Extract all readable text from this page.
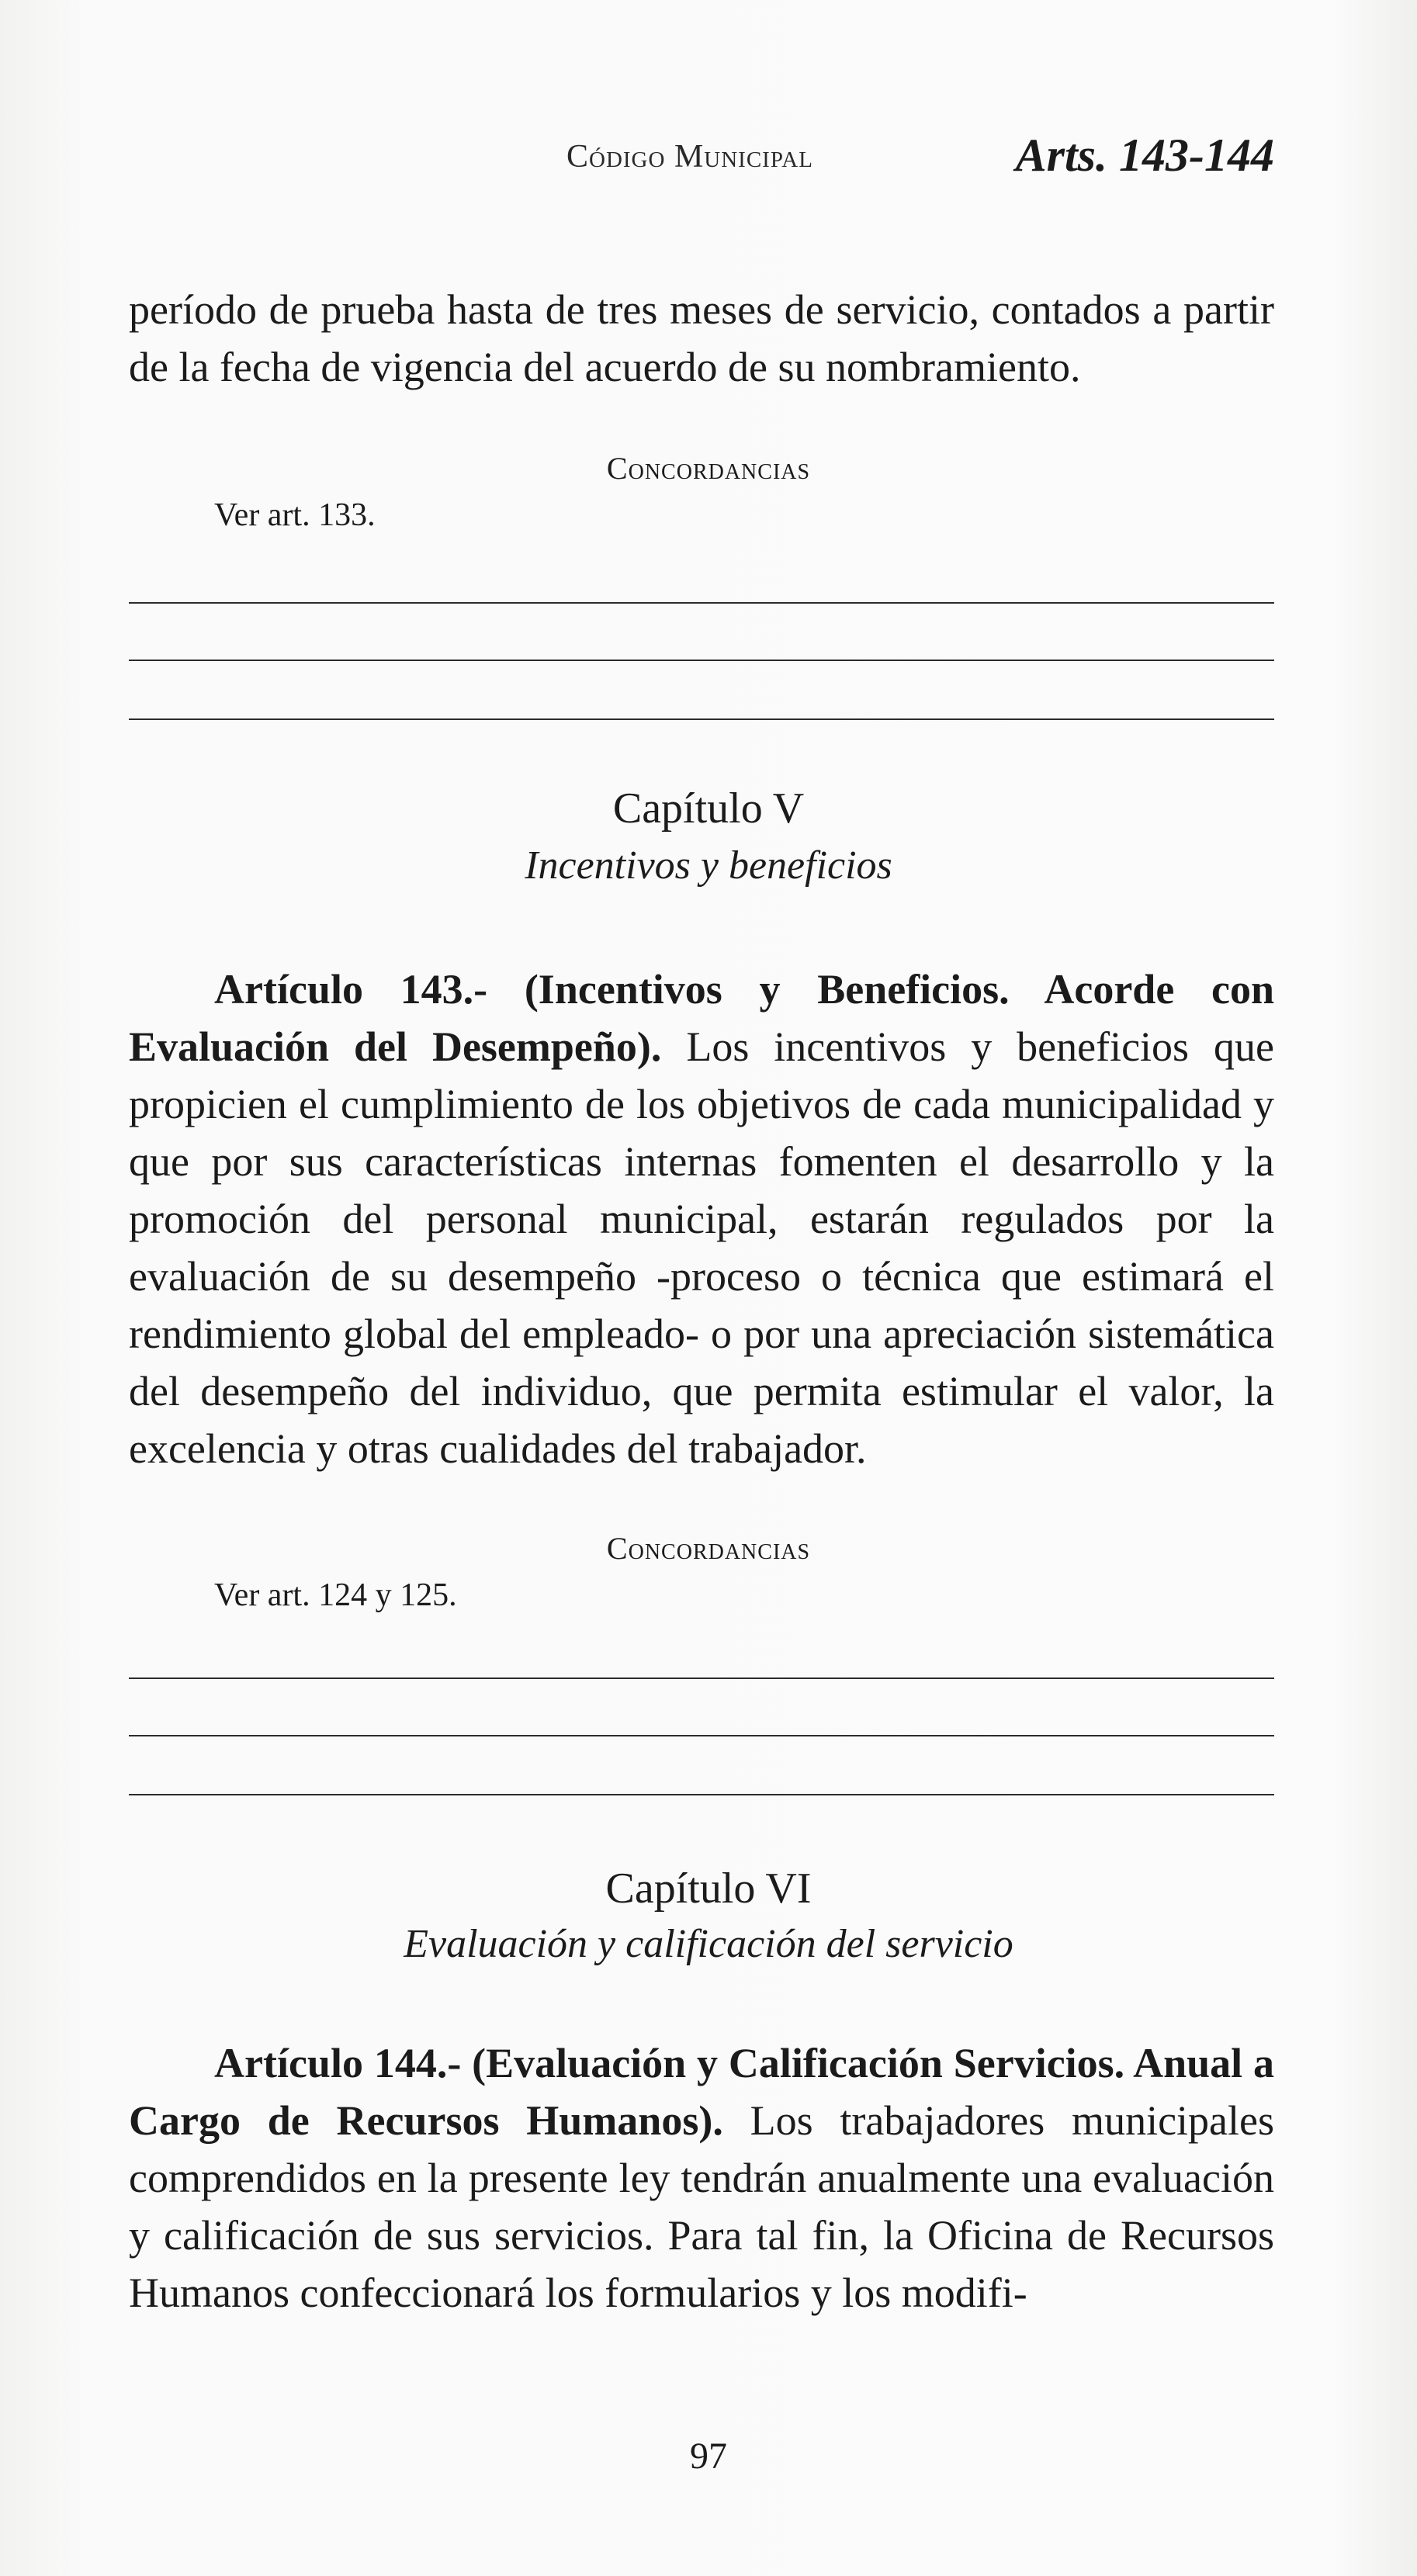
Código Municipal	Arts. 143-144

período de prueba hasta de tres meses de servicio, contados a partir de la fecha de vigencia del acuerdo de su nombramiento.

Concordancias
Ver art. 133.
Capítulo V
Incentivos y beneficios

Artículo 143.- (Incentivos y Beneficios. Acorde con Evaluación del Desempeño). Los incentivos y beneficios que propicien el cumplimiento de los objetivos de cada municipalidad y que por sus características internas fomenten el desarrollo y la promoción del personal municipal, estarán regulados por la evaluación de su desempeño -proceso o técnica que estimará el rendimiento global del empleado- o por una apreciación sistemática del desempeño del individuo, que permita estimular el valor, la excelencia y otras cualidades del trabajador.

Concordancias
Ver art. 124 y 125.
Capítulo VI
Evaluación y calificación del servicio

Artículo 144.- (Evaluación y Calificación Servicios. Anual a Cargo de Recursos Humanos). Los trabajadores municipales comprendidos en la presente ley tendrán anualmente una evaluación y calificación de sus servicios. Para tal fin, la Oficina de Recursos Humanos confeccionará los formularios y los modifi-

97
